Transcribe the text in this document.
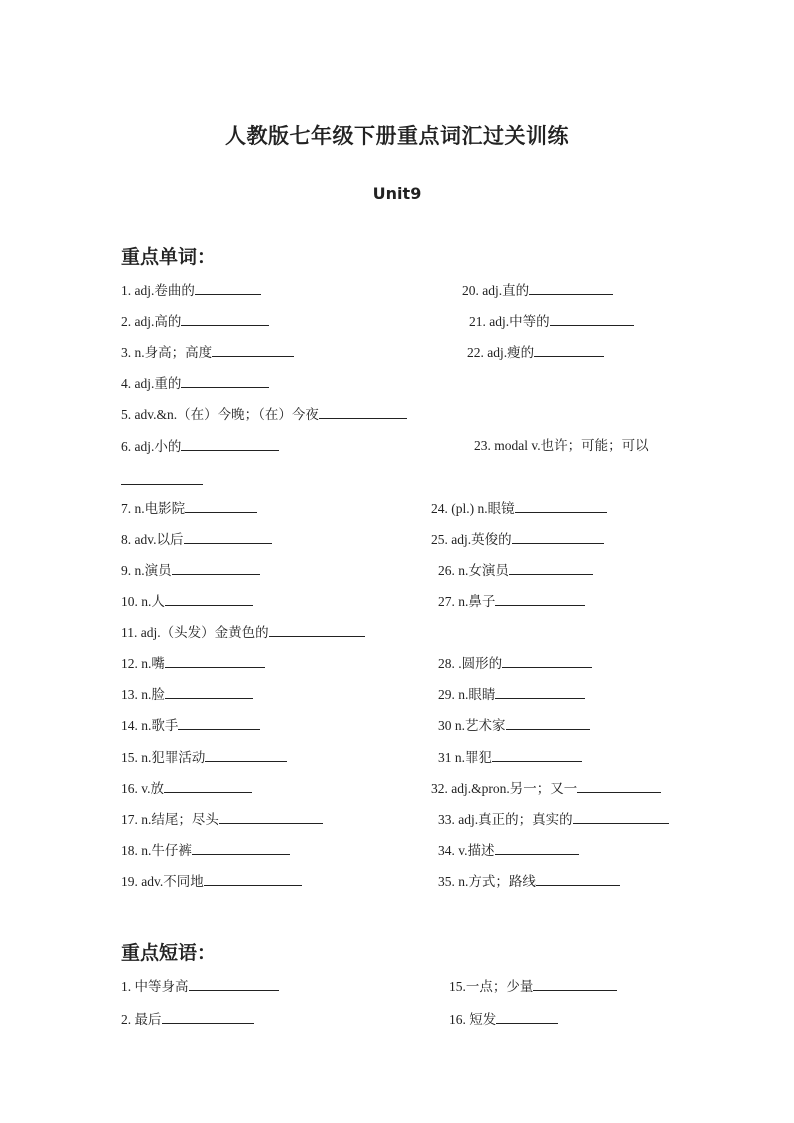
人教版七年级下册重点词汇过关训练
Unit9
重点单词：
1. adj.卷曲的
2. adj.高的
3. n.身高；高度
4. adj.重的
5. adv.&n.（在）今晚；（在）今夜
6. adj.小的
7. n.电影院
8. adv.以后
9. n.演员
10. n.人
11. adj.（头发）金黄色的
12. n.嘴
13. n.脸
14. n.歌手
15. n.犯罪活动
16. v.放
17. n.结尾；尽头
18. n.牛仔裤
19. adv.不同地
20. adj.直的
21. adj.中等的
22. adj.瘦的
23. modal v.也许；可能；可以
24. (pl.) n.眼镜
25. adj.英俊的
26. n.女演员
27. n.鼻子
28. .圆形的
29. n.眼睛
30 n.艺术家
31 n.罪犯
32. adj.&pron.另一；又一
33. adj.真正的；真实的
34. v.描述
35. n.方式；路线
重点短语：
1. 中等身高
2. 最后
15.一点；少量
16. 短发
